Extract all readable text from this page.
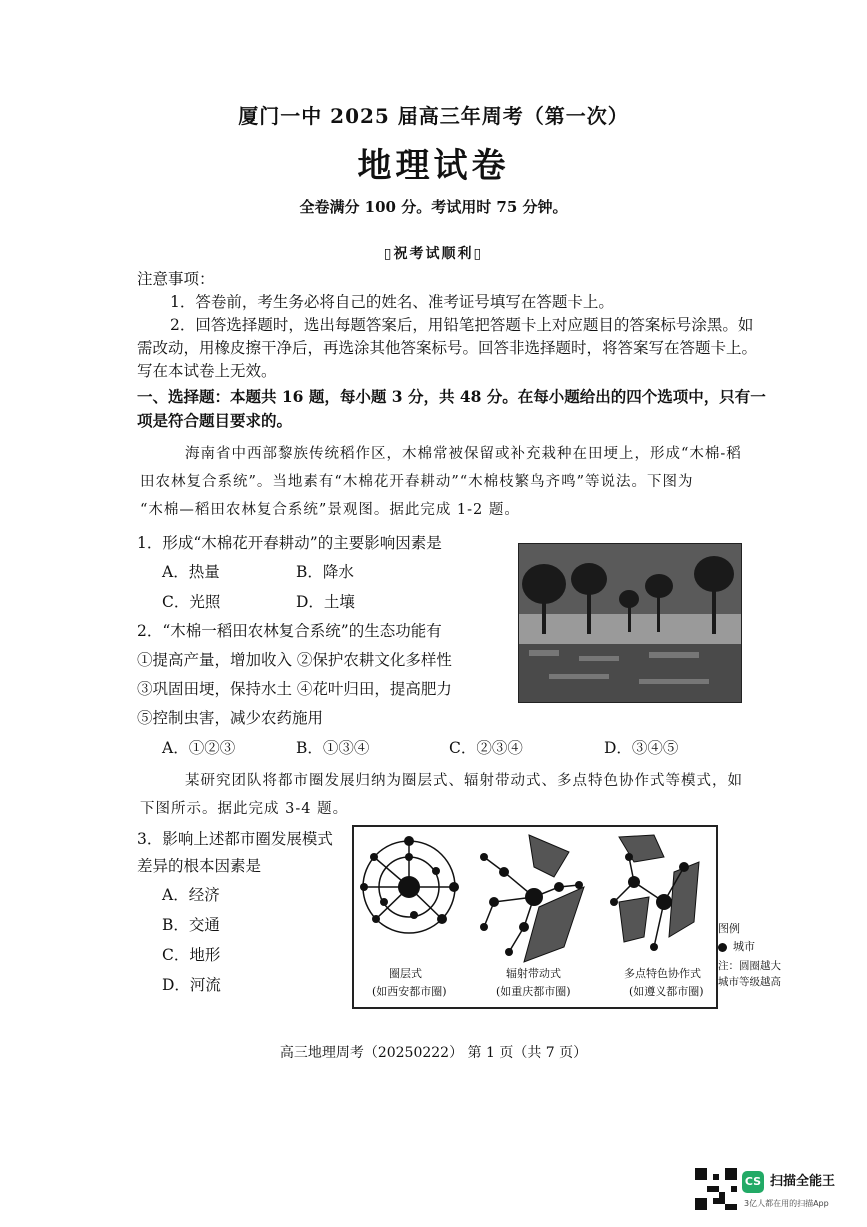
厦门一中 2025 届高三年周考（第一次）
地理试卷
全卷满分 100 分。考试用时 75 分钟。
▯祝考试顺利▯
注意事项：
1．答卷前，考生务必将自己的姓名、准考证号填写在答题卡上。
2．回答选择题时，选出每题答案后，用铅笔把答题卡上对应题目的答案标号涂黑。如
需改动，用橡皮擦干净后，再选涂其他答案标号。回答非选择题时，将答案写在答题卡上。
写在本试卷上无效。
一、选择题：本题共 16 题，每小题 3 分，共 48 分。在每小题给出的四个选项中，只有一
项是符合题目要求的。
海南省中西部黎族传统稻作区，木棉常被保留或补充栽种在田埂上，形成“木棉-稻
田农林复合系统”。当地素有“木棉花开春耕动”“木棉枝繁鸟齐鸣”等说法。下图为
“木棉—稻田农林复合系统”景观图。据此完成 1-2 题。
1．形成“木棉花开春耕动”的主要影响因素是
A．热量	B．降水
C．光照	D．土壤
2．“木棉一稻田农林复合系统”的生态功能有
①提高产量，增加收入 ②保护农耕文化多样性
③巩固田埂，保持水土 ④花叶归田，提高肥力
⑤控制虫害，减少农药施用
A．①②③	B．①③④	C．②③④	D．③④⑤
某研究团队将都市圈发展归纳为圈层式、辐射带动式、多点特色协作式等模式，如
下图所示。据此完成 3-4 题。
3．影响上述都市圈发展模式
差异的根本因素是
A．经济
B．交通
C．地形
D．河流
圈层式
(如西安都市圈)
辐射带动式
(如重庆都市圈)
多点特色协作式
(如遵义都市圈)
图例
城市
注：圆圈越大
城市等级越高
高三地理周考（20250222） 第 1 页（共 7 页）
CS 扫描全能王
3亿人都在用的扫描App
